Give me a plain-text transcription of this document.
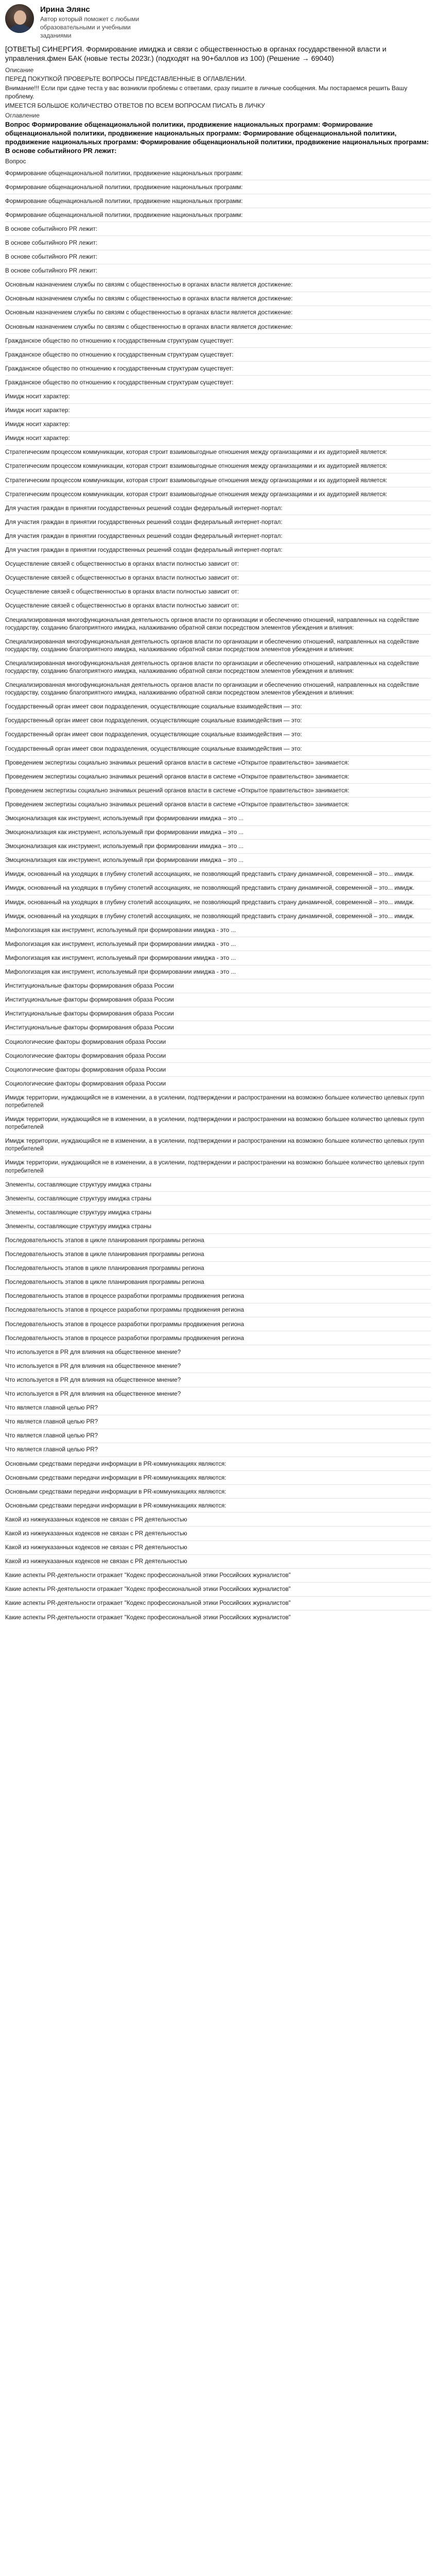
Ирина Элянс
Автор который поможет с любыми образовательными и учебными заданиями
[ОТВЕТЫ] СИНЕРГИЯ. Формирование имиджа и связи с общественностью в органах государственной власти и управления.фмен БАК (новые тесты 2023г.) (подходят на 90+баллов из 100) (Решение → 69040)
Описание
ПЕРЕД ПОКУПКОЙ ПРОВЕРЬТЕ ВОПРОСЫ ПРЕДСТАВЛЕННЫЕ В ОГЛАВЛЕНИИ.
Внимание!!! Если при сдаче теста у вас возникли проблемы с ответами, сразу пишите в личные сообщения. Мы постараемся решить Вашу проблему.
ИМЕЕТСЯ БОЛЬШОЕ КОЛИЧЕСТВО ОТВЕТОВ ПО ВСЕМ ВОПРОСАМ ПИСАТЬ В ЛИЧКУ
Оглавление
Вопрос Формирование общенациональной политики, продвижение национальных программ: Формирование общенациональной политики, продвижение национальных программ: Формирование общенациональной политики, продвижение национальных программ: Формирование общенациональной политики, продвижение национальных программ: В основе событийного PR лежит:
Вопрос
Формирование общенациональной политики, продвижение национальных программ:
Формирование общенациональной политики, продвижение национальных программ:
Формирование общенациональной политики, продвижение национальных программ:
Формирование общенациональной политики, продвижение национальных программ:
В основе событийного PR лежит:
В основе событийного PR лежит:
В основе событийного PR лежит:
В основе событийного PR лежит:
Основным назначением службы по связям с общественностью в органах власти является достижение:
Основным назначением службы по связям с общественностью в органах власти является достижение:
Основным назначением службы по связям с общественностью в органах власти является достижение:
Основным назначением службы по связям с общественностью в органах власти является достижение:
Гражданское общество по отношению к государственным структурам существует:
Гражданское общество по отношению к государственным структурам существует:
Гражданское общество по отношению к государственным структурам существует:
Гражданское общество по отношению к государственным структурам существует:
Имидж носит характер:
Имидж носит характер:
Имидж носит характер:
Имидж носит характер:
Стратегическим процессом коммуникации, которая строит взаимовыгодные отношения между организациями и их аудиторией является:
Стратегическим процессом коммуникации, которая строит взаимовыгодные отношения между организациями и их аудиторией является:
Стратегическим процессом коммуникации, которая строит взаимовыгодные отношения между организациями и их аудиторией является:
Стратегическим процессом коммуникации, которая строит взаимовыгодные отношения между организациями и их аудиторией является:
Для участия граждан в принятии государственных решений создан федеральный интернет-портал:
Для участия граждан в принятии государственных решений создан федеральный интернет-портал:
Для участия граждан в принятии государственных решений создан федеральный интернет-портал:
Для участия граждан в принятии государственных решений создан федеральный интернет-портал:
Осуществление связей с общественностью в органах власти полностью зависит от:
Осуществление связей с общественностью в органах власти полностью зависит от:
Осуществление связей с общественностью в органах власти полностью зависит от:
Осуществление связей с общественностью в органах власти полностью зависит от:
Специализированная многофункциональная деятельность органов власти по организации и обеспечению отношений, направленных на содействие государству, созданию благоприятного имиджа, налаживанию обратной связи посредством элементов убеждения и влияния:
Специализированная многофункциональная деятельность органов власти по организации и обеспечению отношений, направленных на содействие государству, созданию благоприятного имиджа, налаживанию обратной связи посредством элементов убеждения и влияния:
Специализированная многофункциональная деятельность органов власти по организации и обеспечению отношений, направленных на содействие государству, созданию благоприятного имиджа, налаживанию обратной связи посредством элементов убеждения и влияния:
Специализированная многофункциональная деятельность органов власти по организации и обеспечению отношений, направленных на содействие государству, созданию благоприятного имиджа, налаживанию обратной связи посредством элементов убеждения и влияния:
Государственный орган имеет свои подразделения, осуществляющие социальные взаимодействия — это:
Государственный орган имеет свои подразделения, осуществляющие социальные взаимодействия — это:
Государственный орган имеет свои подразделения, осуществляющие социальные взаимодействия — это:
Государственный орган имеет свои подразделения, осуществляющие социальные взаимодействия — это:
Проведением экспертизы социально значимых решений органов власти в системе «Открытое правительство» занимается:
Проведением экспертизы социально значимых решений органов власти в системе «Открытое правительство» занимается:
Проведением экспертизы социально значимых решений органов власти в системе «Открытое правительство» занимается:
Проведением экспертизы социально значимых решений органов власти в системе «Открытое правительство» занимается:
Эмоционализация как инструмент, используемый при формировании имиджа – это ...
Эмоционализация как инструмент, используемый при формировании имиджа – это ...
Эмоционализация как инструмент, используемый при формировании имиджа – это ...
Эмоционализация как инструмент, используемый при формировании имиджа – это ...
Имидж, основанный на уходящих в глубину столетий ассоциациях, не позволяющий представить страну динамичной, современной – это... имидж.
Имидж, основанный на уходящих в глубину столетий ассоциациях, не позволяющий представить страну динамичной, современной – это... имидж.
Имидж, основанный на уходящих в глубину столетий ассоциациях, не позволяющий представить страну динамичной, современной – это... имидж.
Имидж, основанный на уходящих в глубину столетий ассоциациях, не позволяющий представить страну динамичной, современной – это... имидж.
Мифологизация как инструмент, используемый при формировании имиджа - это ...
Мифологизация как инструмент, используемый при формировании имиджа - это ...
Мифологизация как инструмент, используемый при формировании имиджа - это ...
Мифологизация как инструмент, используемый при формировании имиджа - это ...
Институциональные факторы формирования образа России
Институциональные факторы формирования образа России
Институциональные факторы формирования образа России
Институциональные факторы формирования образа России
Социологические факторы формирования образа России
Социологические факторы формирования образа России
Социологические факторы формирования образа России
Социологические факторы формирования образа России
Имидж территории, нуждающийся не в изменении, а в усилении, подтверждении и распространении на возможно большее количество целевых групп потребителей
Имидж территории, нуждающийся не в изменении, а в усилении, подтверждении и распространении на возможно большее количество целевых групп потребителей
Имидж территории, нуждающийся не в изменении, а в усилении, подтверждении и распространении на возможно большее количество целевых групп потребителей
Имидж территории, нуждающийся не в изменении, а в усилении, подтверждении и распространении на возможно большее количество целевых групп потребителей
Элементы, составляющие структуру имиджа страны
Элементы, составляющие структуру имиджа страны
Элементы, составляющие структуру имиджа страны
Элементы, составляющие структуру имиджа страны
Последовательность этапов в цикле планирования программы региона
Последовательность этапов в цикле планирования программы региона
Последовательность этапов в цикле планирования программы региона
Последовательность этапов в цикле планирования программы региона
Последовательность этапов в процессе разработки программы продвижения региона
Последовательность этапов в процессе разработки программы продвижения региона
Последовательность этапов в процессе разработки программы продвижения региона
Последовательность этапов в процессе разработки программы продвижения региона
Что используется в PR для влияния на общественное мнение?
Что используется в PR для влияния на общественное мнение?
Что используется в PR для влияния на общественное мнение?
Что используется в PR для влияния на общественное мнение?
Что является главной целью PR?
Что является главной целью PR?
Что является главной целью PR?
Что является главной целью PR?
Основными средствами передачи информации в PR-коммуникациях являются:
Основными средствами передачи информации в PR-коммуникациях являются:
Основными средствами передачи информации в PR-коммуникациях являются:
Основными средствами передачи информации в PR-коммуникациях являются:
Какой из нижеуказанных кодексов не связан с PR деятельностью
Какой из нижеуказанных кодексов не связан с PR деятельностью
Какой из нижеуказанных кодексов не связан с PR деятельностью
Какой из нижеуказанных кодексов не связан с PR деятельностью
Какие аспекты PR-деятельности отражает "Кодекс профессиональной этики Российских журналистов"
Какие аспекты PR-деятельности отражает "Кодекс профессиональной этики Российских журналистов"
Какие аспекты PR-деятельности отражает "Кодекс профессиональной этики Российских журналистов"
Какие аспекты PR-деятельности отражает "Кодекс профессиональной этики Российских журналистов"
